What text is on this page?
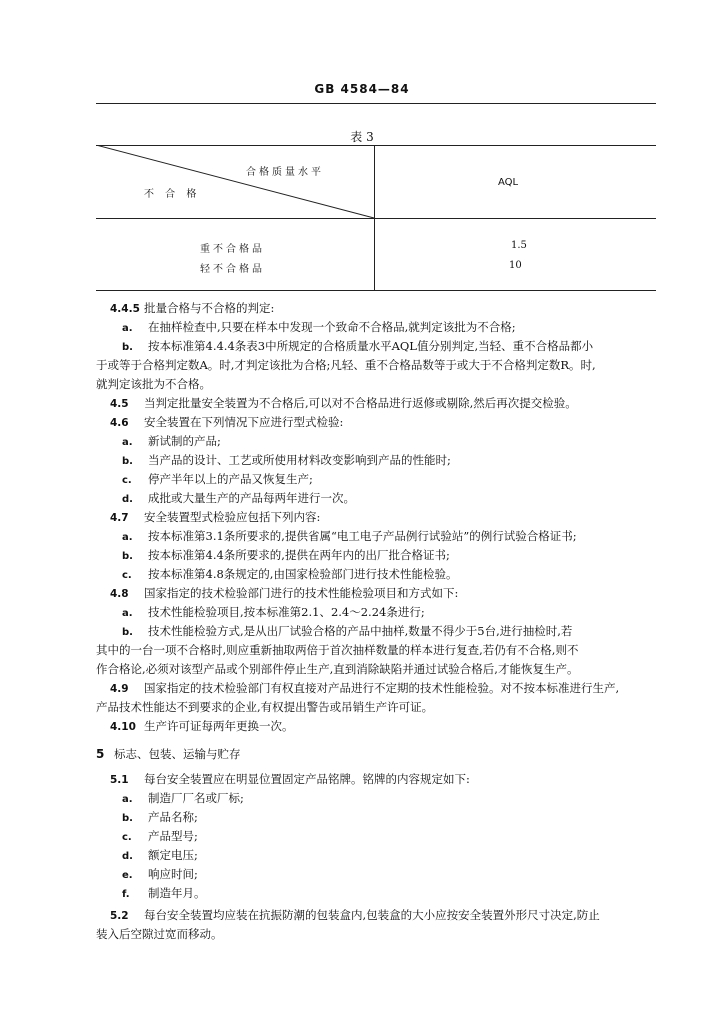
GB 4584—84
表 3
合格质量水平
不 合 格
AQL
重不合格品	1.5
轻不合格品	10
4.4.5 批量合格与不合格的判定:
a. 在抽样检查中,只要在样本中发现一个致命不合格品,就判定该批为不合格;
b. 按本标准第4.4.4条表3中所规定的合格质量水平AQL值分别判定,当轻、重不合格品都小
于或等于合格判定数A。时,才判定该批为合格;凡轻、重不合格品数等于或大于不合格判定数R。时,
就判定该批为不合格。
4.5 当判定批量安全装置为不合格后,可以对不合格品进行返修或剔除,然后再次提交检验。
4.6 安全装置在下列情况下应进行型式检验:
a. 新试制的产品;
b. 当产品的设计、工艺或所使用材料改变影响到产品的性能时;
c. 停产半年以上的产品又恢复生产;
d. 成批或大量生产的产品每两年进行一次。
4.7 安全装置型式检验应包括下列内容:
a. 按本标准第3.1条所要求的,提供省属“电工电子产品例行试验站”的例行试验合格证书;
b. 按本标准第4.4条所要求的,提供在两年内的出厂批合格证书;
c. 按本标准第4.8条规定的,由国家检验部门进行技术性能检验。
4.8 国家指定的技术检验部门进行的技术性能检验项目和方式如下:
a. 技术性能检验项目,按本标准第2.1、2.4～2.24条进行;
b. 技术性能检验方式,是从出厂试验合格的产品中抽样,数量不得少于5台,进行抽检时,若
其中的一台一项不合格时,则应重新抽取两倍于首次抽样数量的样本进行复查,若仍有不合格,则不
作合格论,必须对该型产品或个别部件停止生产,直到消除缺陷并通过试验合格后,才能恢复生产。
4.9 国家指定的技术检验部门有权直接对产品进行不定期的技术性能检验。对不按本标准进行生产,
产品技术性能达不到要求的企业,有权提出警告或吊销生产许可证。
4.10 生产许可证每两年更换一次。
5 标志、包装、运输与贮存
5.1 每台安全装置应在明显位置固定产品铭牌。铭牌的内容规定如下:
a. 制造厂厂名或厂标;
b. 产品名称;
c. 产品型号;
d. 额定电压;
e. 响应时间;
f. 制造年月。
5.2 每台安全装置均应装在抗振防潮的包装盒内,包装盒的大小应按安全装置外形尺寸决定,防止
装入后空隙过宽而移动。
